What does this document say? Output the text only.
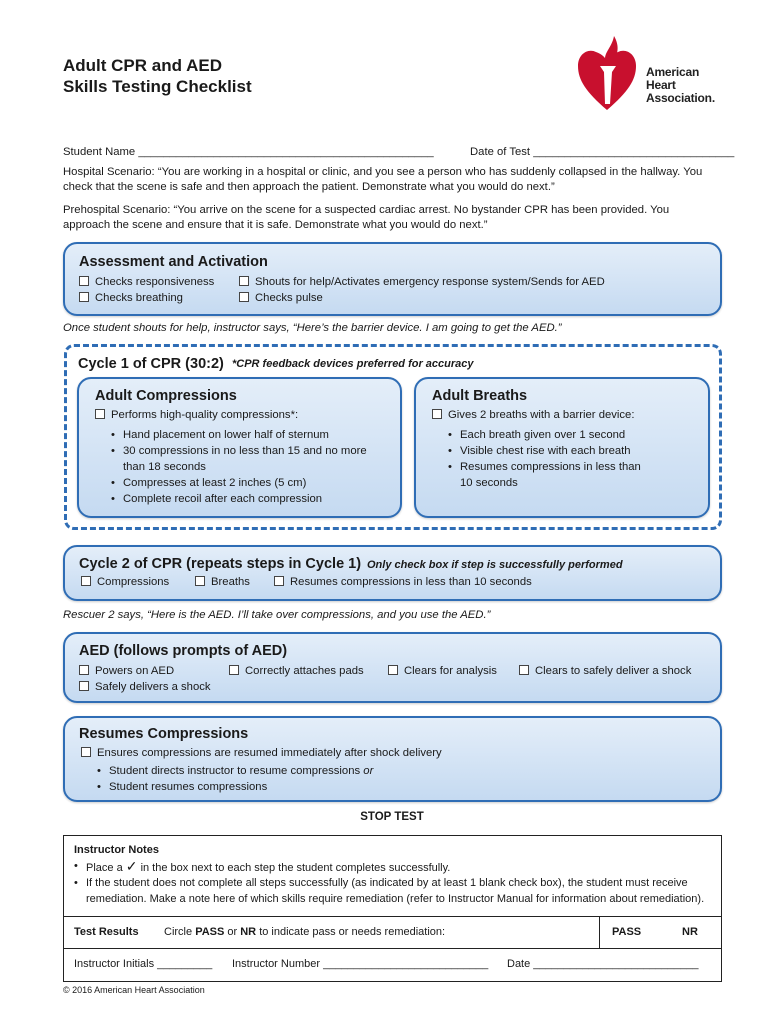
Adult CPR and AED
Skills Testing Checklist
American
Heart
Association.
Student Name _______________________________________________	Date of Test ________________________________
Hospital Scenario: “You are working in a hospital or clinic, and you see a person who has suddenly collapsed in the hallway. You check that the scene is safe and then approach the patient. Demonstrate what you would do next.”
Prehospital Scenario: “You arrive on the scene for a suspected cardiac arrest. No bystander CPR has been provided. You approach the scene and ensure that it is safe. Demonstrate what you would do next.”
Assessment and Activation
Checks responsiveness	Shouts for help/Activates emergency response system/Sends for AED
Checks breathing	Checks pulse
Once student shouts for help, instructor says, “Here’s the barrier device. I am going to get the AED.”
Cycle 1 of CPR (30:2) *CPR feedback devices preferred for accuracy
Adult Compressions
Performs high-quality compressions*:
• Hand placement on lower half of sternum
• 30 compressions in no less than 15 and no more than 18 seconds
• Compresses at least 2 inches (5 cm)
• Complete recoil after each compression
Adult Breaths
Gives 2 breaths with a barrier device:
• Each breath given over 1 second
• Visible chest rise with each breath
• Resumes compressions in less than 10 seconds
Cycle 2 of CPR (repeats steps in Cycle 1) Only check box if step is successfully performed
Compressions	Breaths	Resumes compressions in less than 10 seconds
Rescuer 2 says, “Here is the AED. I’ll take over compressions, and you use the AED.”
AED (follows prompts of AED)
Powers on AED	Correctly attaches pads	Clears for analysis	Clears to safely deliver a shock
Safely delivers a shock
Resumes Compressions
Ensures compressions are resumed immediately after shock delivery
• Student directs instructor to resume compressions or
• Student resumes compressions
STOP TEST
Instructor Notes
• Place a ✓ in the box next to each step the student completes successfully.
• If the student does not complete all steps successfully (as indicated by at least 1 blank check box), the student must receive remediation. Make a note here of which skills require remediation (refer to Instructor Manual for information about remediation).
Test Results Circle PASS or NR to indicate pass or needs remediation:	PASS	NR
Instructor Initials _________ Instructor Number ___________________________ Date ___________________________
© 2016 American Heart Association
